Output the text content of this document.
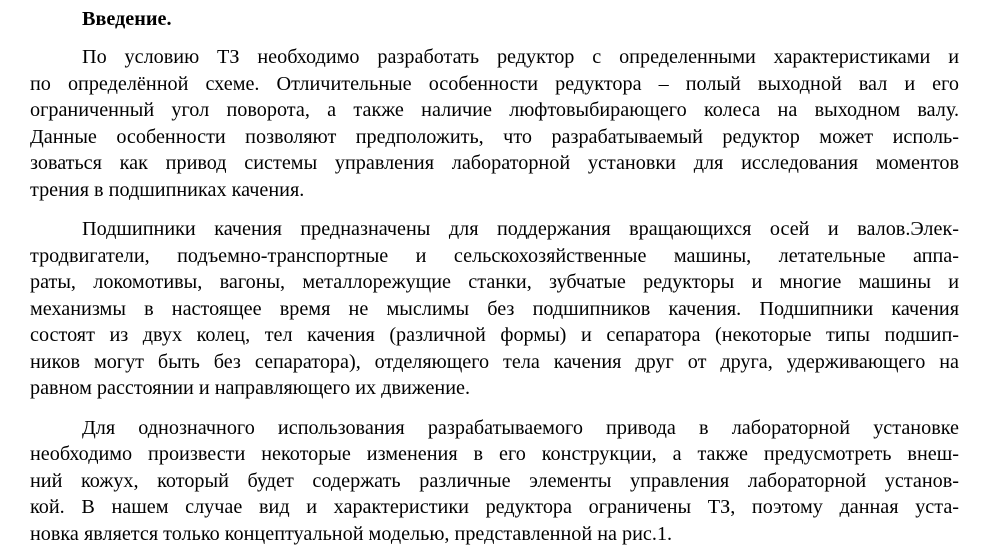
Введение.
По условию ТЗ необходимо разработать редуктор с определенными характеристиками и
по определённой схеме. Отличительные особенности редуктора – полый выходной вал и его
ограниченный угол поворота, а также наличие люфтовыбирающего колеса на выходном валу.
Данные особенности позволяют предположить, что разрабатываемый редуктор может исполь-
зоваться как привод системы управления лабораторной установки для исследования моментов
трения в подшипниках качения.
Подшипники качения предназначены для поддержания вращающихся осей и валов.Элек-
тродвигатели, подъемно-транспортные и сельскохозяйственные машины, летательные аппа-
раты, локомотивы, вагоны, металлорежущие станки, зубчатые редукторы и многие машины и
механизмы в настоящее время не мыслимы без подшипников качения. Подшипники качения
состоят из двух колец, тел качения (различной формы) и сепаратора (некоторые типы подшип-
ников могут быть без сепаратора), отделяющего тела качения друг от друга, удерживающего на
равном расстоянии и направляющего их движение.
Для однозначного использования разрабатываемого привода в лабораторной установке
необходимо произвести некоторые изменения в его конструкции, а также предусмотреть внеш-
ний кожух, который будет содержать различные элементы управления лабораторной установ-
кой. В нашем случае вид и характеристики редуктора ограничены ТЗ, поэтому данная уста-
новка является только концептуальной моделью, представленной на рис.1.
